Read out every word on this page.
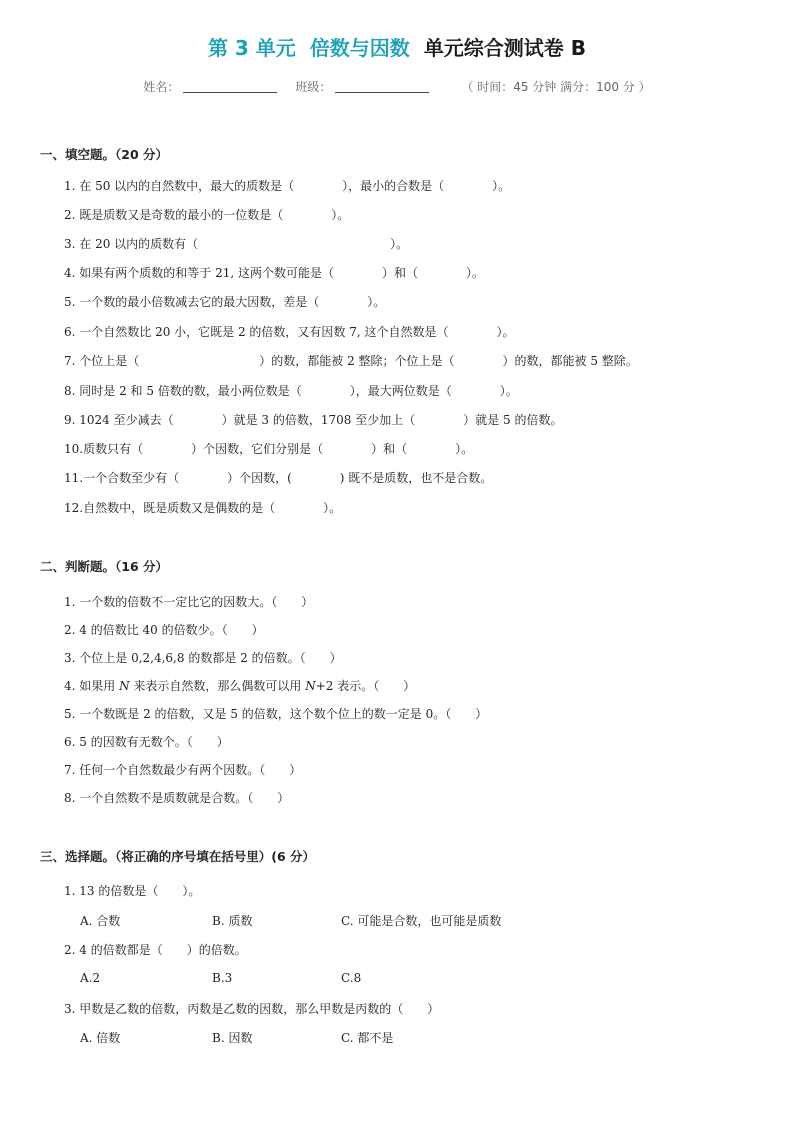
第 3 单元 倍数与因数 单元综合测试卷 B
姓名：	班级：	（ 时间：45 分钟 满分：100 分 ）
一、填空题。（20 分）
1. 在 50 以内的自然数中，最大的质数是（　　　　），最小的合数是（　　　　）。
2. 既是质数又是奇数的最小的一位数是（　　　　）。
3. 在 20 以内的质数有（　　　　　　　　　　　　　　　　）。
4. 如果有两个质数的和等于 21, 这两个数可能是（　　　　）和（　　　　）。
5. 一个数的最小倍数减去它的最大因数，差是（　　　　）。
6. 一个自然数比 20 小，它既是 2 的倍数，又有因数 7, 这个自然数是（　　　　）。
7. 个位上是（　　　　　　　　　　）的数，都能被 2 整除；个位上是（　　　　）的数，都能被 5 整除。
8. 同时是 2 和 5 倍数的数，最小两位数是（　　　　），最大两位数是（　　　　）。
9. 1024 至少减去（　　　　）就是 3 的倍数，1708 至少加上（　　　　）就是 5 的倍数。
10.质数只有（　　　　）个因数，它们分别是（　　　　）和（　　　　）。
11.一个合数至少有（　　　　）个因数，(　　　　) 既不是质数，也不是合数。
12.自然数中，既是质数又是偶数的是（　　　　）。
二、判断题。（16 分）
1. 一个数的倍数不一定比它的因数大。（　　）
2. 4 的倍数比 40 的倍数少。（　　）
3. 个位上是 0,2,4,6,8 的数都是 2 的倍数。（　　）
4. 如果用 N 来表示自然数，那么偶数可以用 N+2 表示。（　　）
5. 一个数既是 2 的倍数，又是 5 的倍数，这个数个位上的数一定是 0。（　　）
6. 5 的因数有无数个。（　　）
7. 任何一个自然数最少有两个因数。（　　）
8. 一个自然数不是质数就是合数。（　　）
三、选择题。（将正确的序号填在括号里）(6 分）
1. 13 的倍数是（　　）。
A. 合数	B. 质数	C. 可能是合数，也可能是质数
2. 4 的倍数都是（　　）的倍数。
A.2	B.3	C.8
3. 甲数是乙数的倍数，丙数是乙数的因数，那么甲数是丙数的（　　）
A. 倍数	B. 因数	C. 都不是
